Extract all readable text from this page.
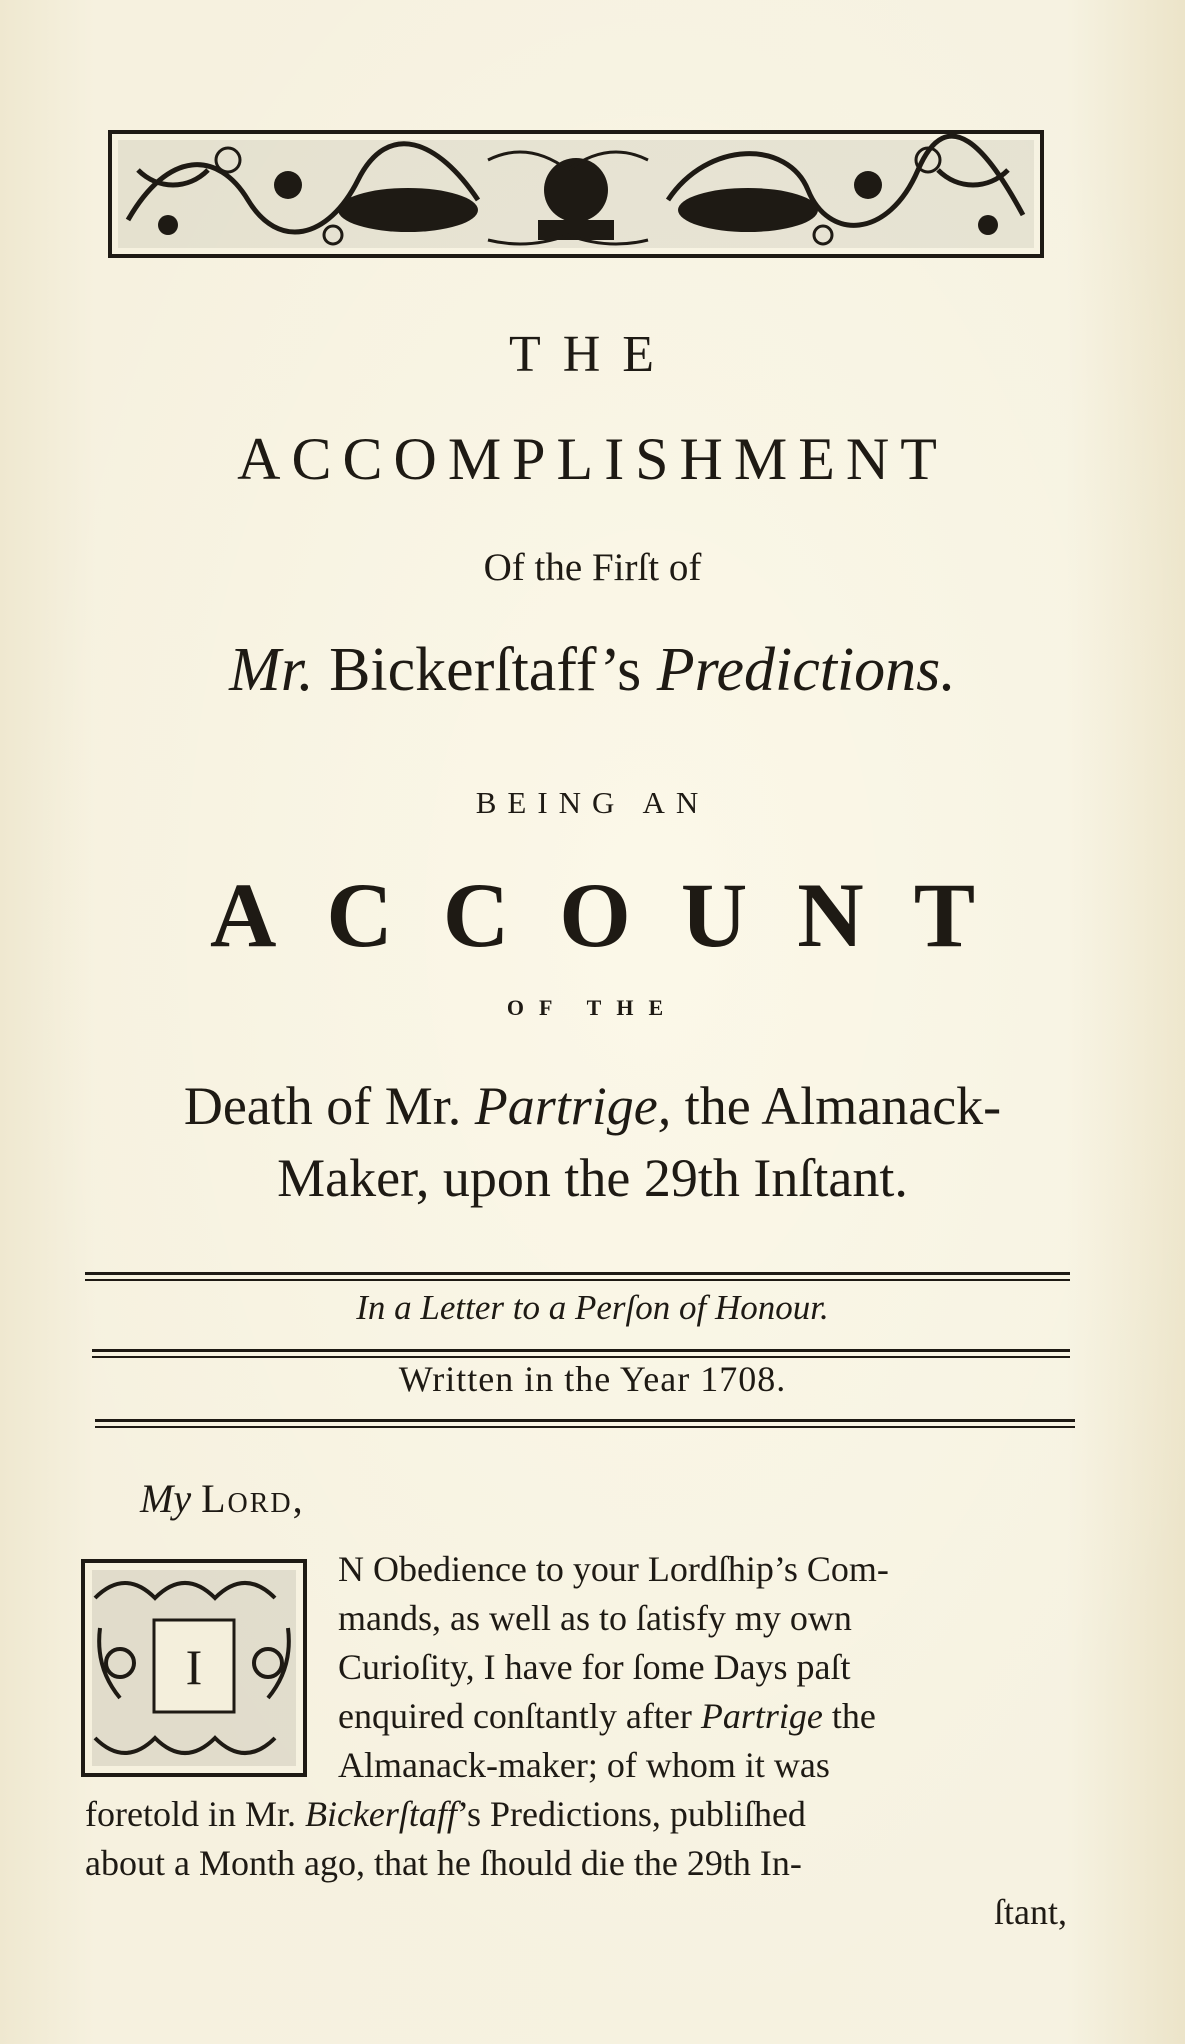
THE
ACCOMPLISHMENT
Of the Firſt of
Mr. Bickerſtaff’s Predictions.
BEING AN
ACCOUNT
OF THE
Death of Mr. Partrige, the Almanack-
Maker, upon the 29th Inſtant.
In a Letter to a Perſon of Honour.
Written in the Year 1708.
My Lord,
I
N Obedience to your Lordſhip’s Com-
mands, as well as to ſatisfy my own
Curioſity, I have for ſome Days paſt
enquired conſtantly after Partrige the
Almanack-maker; of whom it was
foretold in Mr. Bickerſtaff’s Predictions, publiſhed
about a Month ago, that he ſhould die the 29th In-
ſtant,
